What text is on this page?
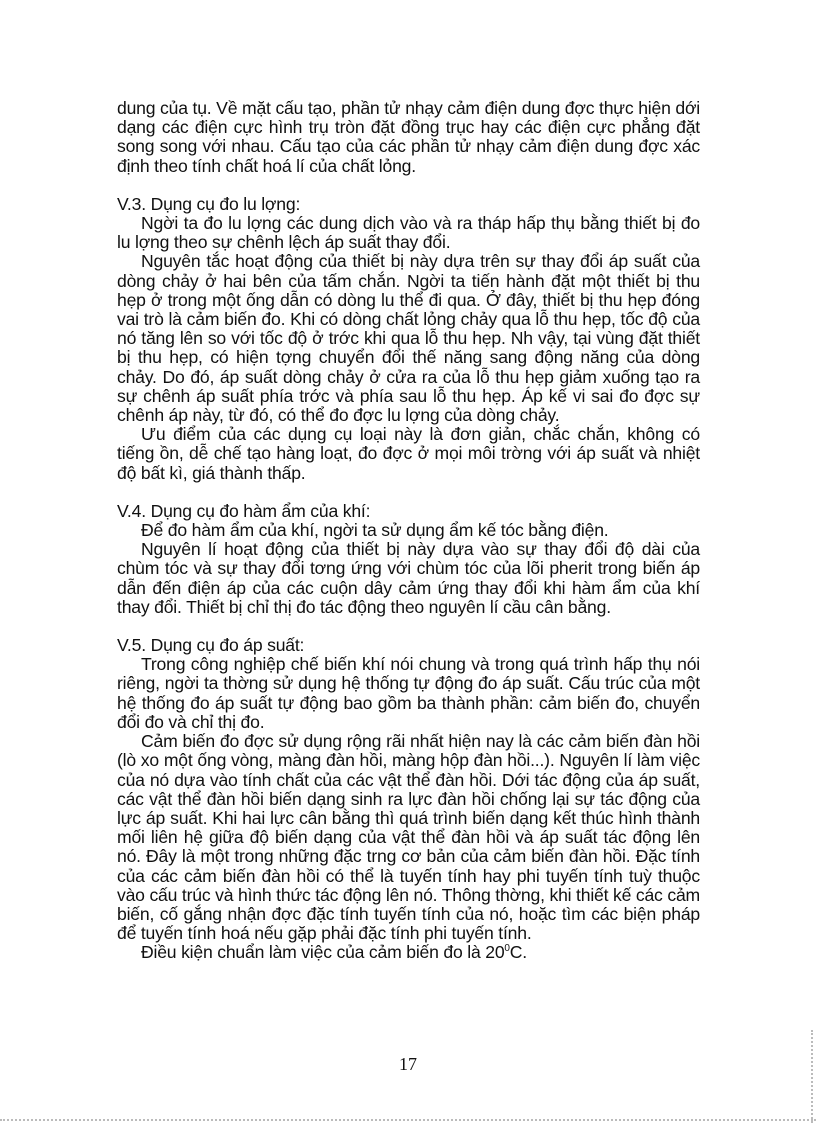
dung của tụ. Về mặt cấu tạo, phần tử nhạy cảm điện dung đợc thực hiện dới dạng các điện cực hình trụ tròn đặt đồng trục hay các điện cực phẳng đặt song song với nhau. Cấu tạo của các phần tử nhạy cảm điện dung đợc xác định theo tính chất hoá lí của chất lỏng.

V.3. Dụng cụ đo lu lợng:

Ngời ta đo lu lợng các dung dịch vào và ra tháp hấp thụ bằng thiết bị đo lu lợng theo sự chênh lệch áp suất thay đổi.

Nguyên tắc hoạt động của thiết bị này dựa trên sự thay đổi áp suất của dòng chảy ở hai bên của tấm chắn. Ngời ta tiến hành đặt một thiết bị thu hẹp ở trong một ống dẫn có dòng lu thể đi qua. Ở đây, thiết bị thu hẹp đóng vai trò là cảm biến đo. Khi có dòng chất lỏng chảy qua lỗ thu hẹp, tốc độ của nó tăng lên so với tốc độ ở trớc khi qua lỗ thu hẹp. Nh vậy, tại vùng đặt thiết bị thu hẹp, có hiện tợng chuyển đổi thế năng sang động năng của dòng chảy. Do đó, áp suất dòng chảy ở cửa ra của lỗ thu hẹp giảm xuống tạo ra sự chênh áp suất phía trớc và phía sau lỗ thu hẹp. Áp kế vi sai đo đợc sự chênh áp này, từ đó, có thể đo đợc lu lợng của dòng chảy.

Ưu điểm của các dụng cụ loại này là đơn giản, chắc chắn, không có tiếng ồn, dễ chế tạo hàng loạt, đo đợc ở mọi môi trờng với áp suất và nhiệt độ bất kì, giá thành thấp.

V.4. Dụng cụ đo hàm ẩm của khí:

Để đo hàm ẩm của khí, ngời ta sử dụng ẩm kế tóc bằng điện.

Nguyên lí hoạt động của thiết bị này dựa vào sự thay đổi độ dài của chùm tóc và sự thay đổi tơng ứng với chùm tóc của lõi pherit trong biến áp dẫn đến điện áp của các cuộn dây cảm ứng thay đổi khi hàm ẩm của khí thay đổi. Thiết bị chỉ thị đo tác động theo nguyên lí cầu cân bằng.

V.5. Dụng cụ đo áp suất:

Trong công nghiệp chế biến khí nói chung và trong quá trình hấp thụ nói riêng, ngời ta thờng sử dụng hệ thống tự động đo áp suất. Cấu trúc của một hệ thống đo áp suất tự động bao gồm ba thành phần: cảm biến đo, chuyển đổi đo và chỉ thị đo.

Cảm biến đo đợc sử dụng rộng rãi nhất hiện nay là các cảm biến đàn hồi (lò xo một ống vòng, màng đàn hồi, màng hộp đàn hồi...). Nguyên lí làm việc của nó dựa vào tính chất của các vật thể đàn hồi. Dới tác động của áp suất, các vật thể đàn hồi biến dạng sinh ra lực đàn hồi chống lại sự tác động của lực áp suất. Khi hai lực cân bằng thì quá trình biến dạng kết thúc hình thành mối liên hệ giữa độ biến dạng của vật thể đàn hồi và áp suất tác động lên nó. Đây là một trong những đặc trng cơ bản của cảm biến đàn hồi. Đặc tính của các cảm biến đàn hồi có thể là tuyến tính hay phi tuyến tính tuỳ thuộc vào cấu trúc và hình thức tác động lên nó. Thông thờng, khi thiết kế các cảm biến, cố gắng nhận đợc đặc tính tuyến tính của nó, hoặc tìm các biện pháp để tuyến tính hoá nếu gặp phải đặc tính phi tuyến tính.

Điều kiện chuẩn làm việc của cảm biến đo là $20^0C$.

17
